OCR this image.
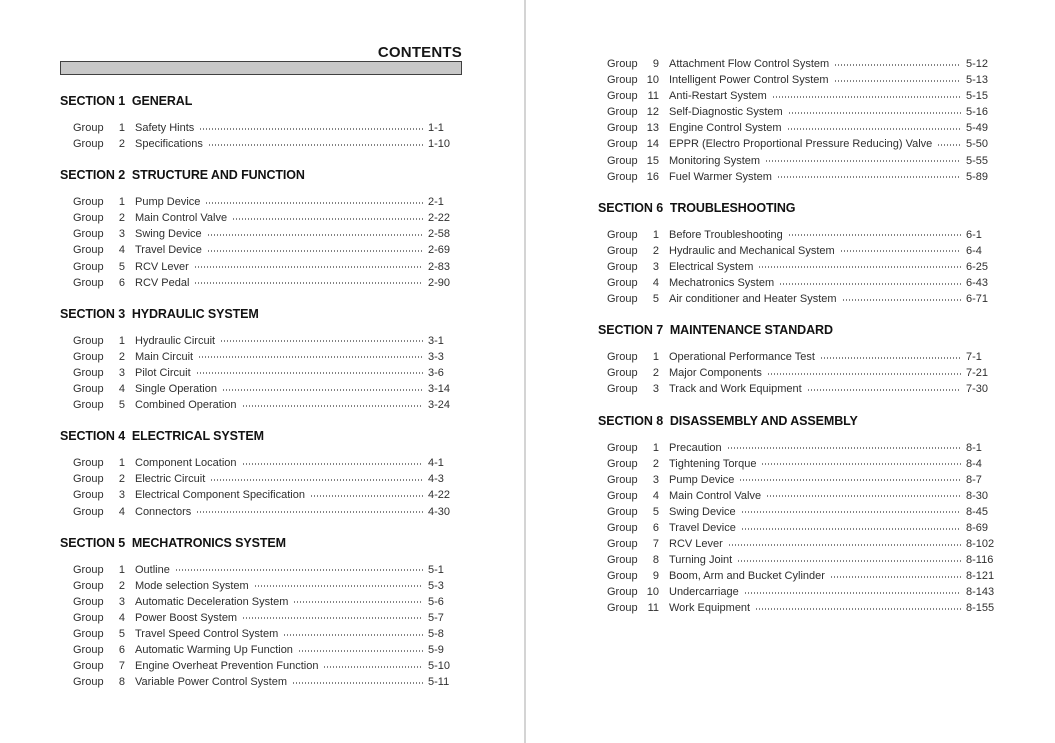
CONTENTS
SECTION 1  GENERAL
Group	1 Safety Hints	1-1
Group	2 Specifications	1-10
SECTION 2  STRUCTURE AND FUNCTION
Group	1 Pump Device	2-1
Group	2 Main Control Valve	2-22
Group	3 Swing Device	2-58
Group	4 Travel Device	2-69
Group	5 RCV Lever	2-83
Group	6 RCV Pedal	2-90
SECTION 3  HYDRAULIC SYSTEM
Group	1 Hydraulic Circuit	3-1
Group	2 Main Circuit	3-3
Group	3 Pilot Circuit	3-6
Group	4 Single Operation	3-14
Group	5 Combined Operation	3-24
SECTION 4  ELECTRICAL SYSTEM
Group	1 Component Location	4-1
Group	2 Electric Circuit	4-3
Group	3 Electrical Component Specification	4-22
Group	4 Connectors	4-30
SECTION 5  MECHATRONICS SYSTEM
Group	1 Outline	5-1
Group	2 Mode selection System	5-3
Group	3 Automatic Deceleration System	5-6
Group	4 Power Boost System	5-7
Group	5 Travel Speed Control System	5-8
Group	6 Automatic Warming Up Function	5-9
Group	7 Engine Overheat Prevention Function	5-10
Group	8 Variable Power Control System	5-11
Group	9 Attachment Flow Control System	5-12
Group 10 Intelligent Power Control System	5-13
Group 11 Anti-Restart System	5-15
Group 12 Self-Diagnostic System	5-16
Group 13 Engine Control System	5-49
Group 14 EPPR (Electro Proportional Pressure Reducing) Valve	5-50
Group 15 Monitoring System	5-55
Group 16 Fuel Warmer System	5-89
SECTION 6  TROUBLESHOOTING
Group	1 Before Troubleshooting	6-1
Group	2 Hydraulic and Mechanical System	6-4
Group	3 Electrical System	6-25
Group	4 Mechatronics System	6-43
Group	5 Air conditioner and Heater System	6-71
SECTION 7  MAINTENANCE STANDARD
Group	1 Operational Performance Test	7-1
Group	2 Major Components	7-21
Group	3 Track and Work Equipment	7-30
SECTION 8  DISASSEMBLY AND ASSEMBLY
Group	1 Precaution	8-1
Group	2 Tightening Torque	8-4
Group	3 Pump Device	8-7
Group	4 Main Control Valve	8-30
Group	5 Swing Device	8-45
Group	6 Travel Device	8-69
Group	7 RCV Lever	8-102
Group	8 Turning Joint	8-116
Group	9 Boom, Arm and Bucket Cylinder	8-121
Group 10 Undercarriage	8-143
Group 11 Work Equipment	8-155
